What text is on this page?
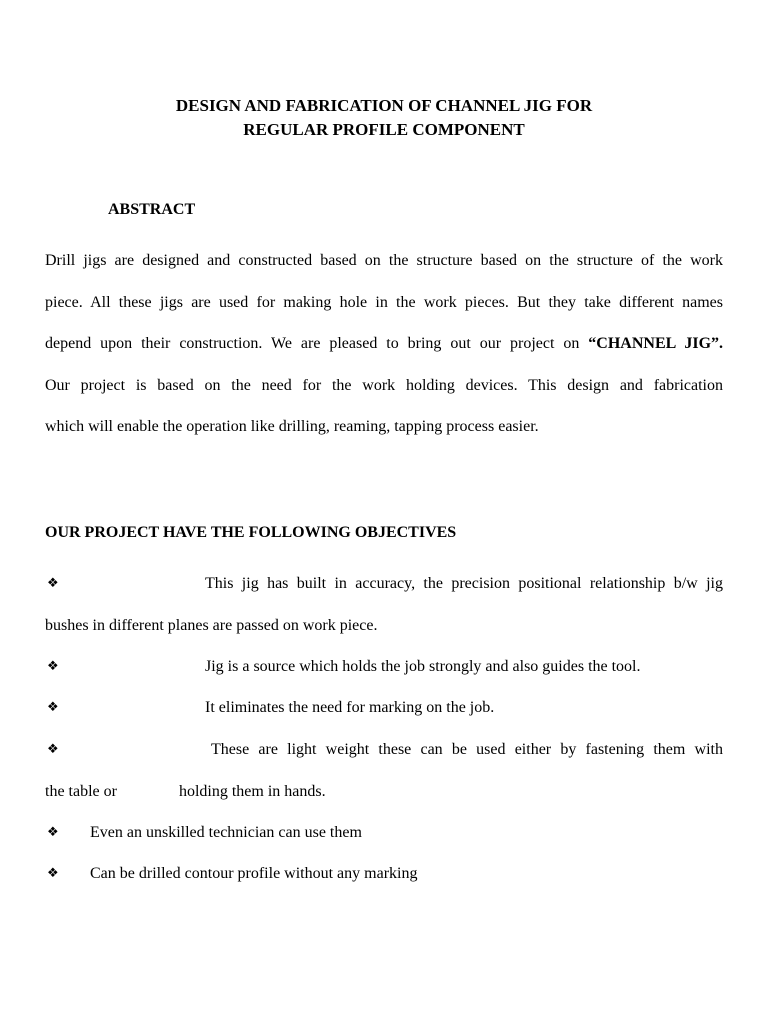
DESIGN AND FABRICATION OF CHANNEL JIG FOR
REGULAR PROFILE COMPONENT
ABSTRACT
Drill jigs are designed and constructed based on the structure based on the structure of the work
piece. All these jigs are used for making hole in the work pieces. But they take different names
depend upon their construction. We are pleased to bring out our project on “CHANNEL JIG”.
Our project is based on the need for the work holding devices. This design and fabrication
which will enable the operation like drilling, reaming, tapping process easier.
OUR PROJECT HAVE THE FOLLOWING OBJECTIVES
❖	This jig has built in accuracy, the precision positional relationship b/w jig
bushes in different planes are passed on work piece.
❖	Jig is a source which holds the job strongly and also guides the tool.
❖	It eliminates the need for marking on the job.
❖	These are light weight these can be used either by fastening them with
the table or	holding them in hands.
❖ Even an unskilled technician can use them
❖ Can be drilled contour profile without any marking
